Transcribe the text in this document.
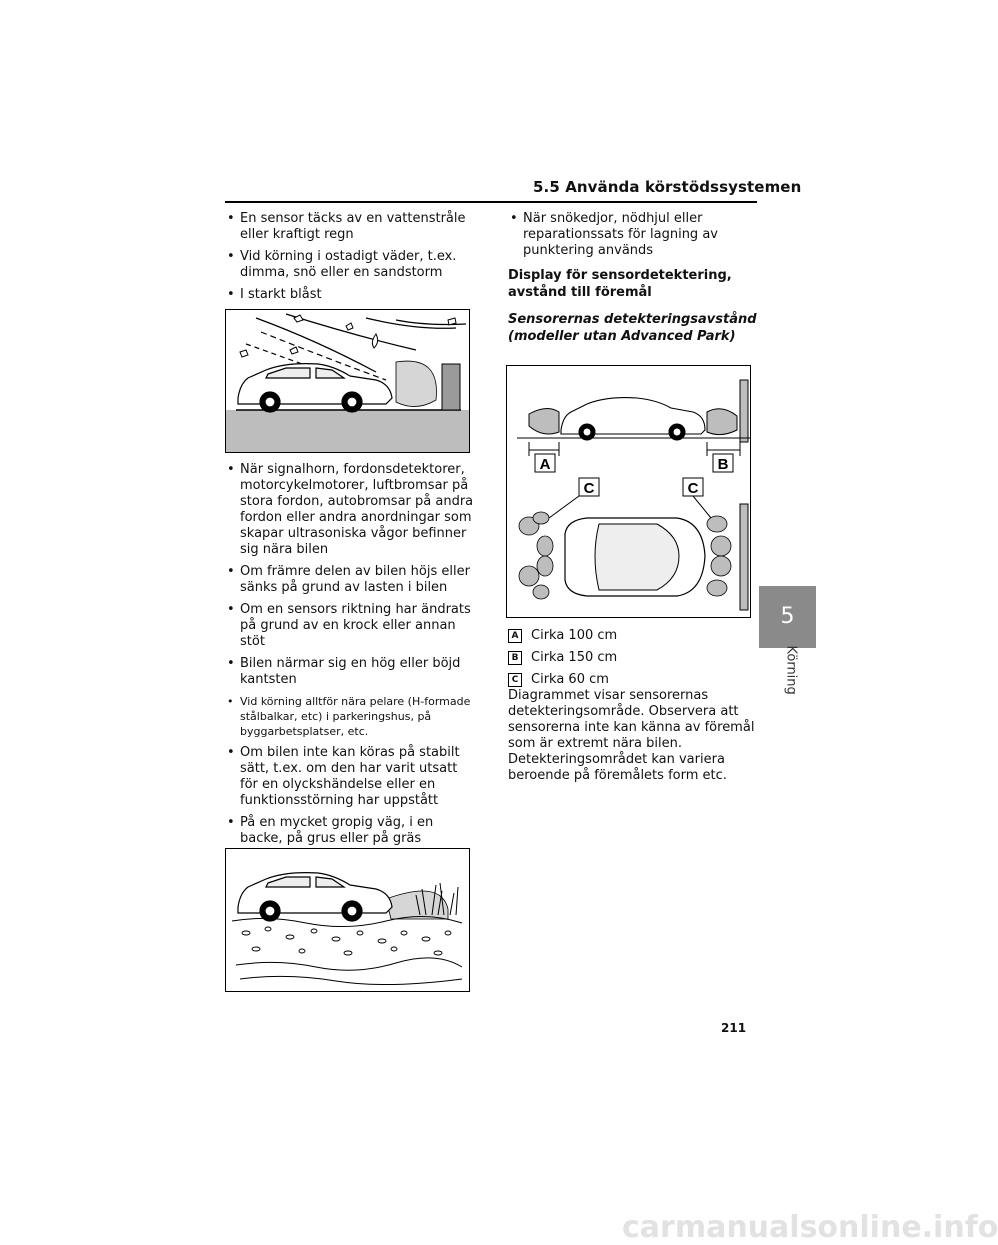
5.5 Använda körstödssystemen
• En sensor täcks av en vattenstråle eller kraftigt regn
• Vid körning i ostadigt väder, t.ex. dimma, snö eller en sandstorm
• I starkt blåst
• När signalhorn, fordonsdetektorer, motorcykelmotorer, luftbromsar på stora fordon, autobromsar på andra fordon eller andra anordningar som skapar ultrasoniska vågor befinner sig nära bilen
• Om främre delen av bilen höjs eller sänks på grund av lasten i bilen
• Om en sensors riktning har ändrats på grund av en krock eller annan stöt
• Bilen närmar sig en hög eller böjd kantsten
• Vid körning alltför nära pelare (H-formade stålbalkar, etc) i parkeringshus, på byggarbetsplatser, etc.
• Om bilen inte kan köras på stabilt sätt, t.ex. om den har varit utsatt för en olyckshändelse eller en funktionsstörning har uppstått
• På en mycket gropig väg, i en backe, på grus eller på gräs
• När snökedjor, nödhjul eller reparationssats för lagning av punktering används
Display för sensordetektering, avstånd till föremål
Sensorernas detekteringsavstånd (modeller utan Advanced Park)
A	B
C	C
A Cirka 100 cm
B Cirka 150 cm
C Cirka 60 cm
Diagrammet visar sensorernas detekteringsområde. Observera att sensorerna inte kan känna av föremål som är extremt nära bilen. Detekteringsområdet kan variera beroende på föremålets form etc.
5
Körning
211
carmanualsonline.info
